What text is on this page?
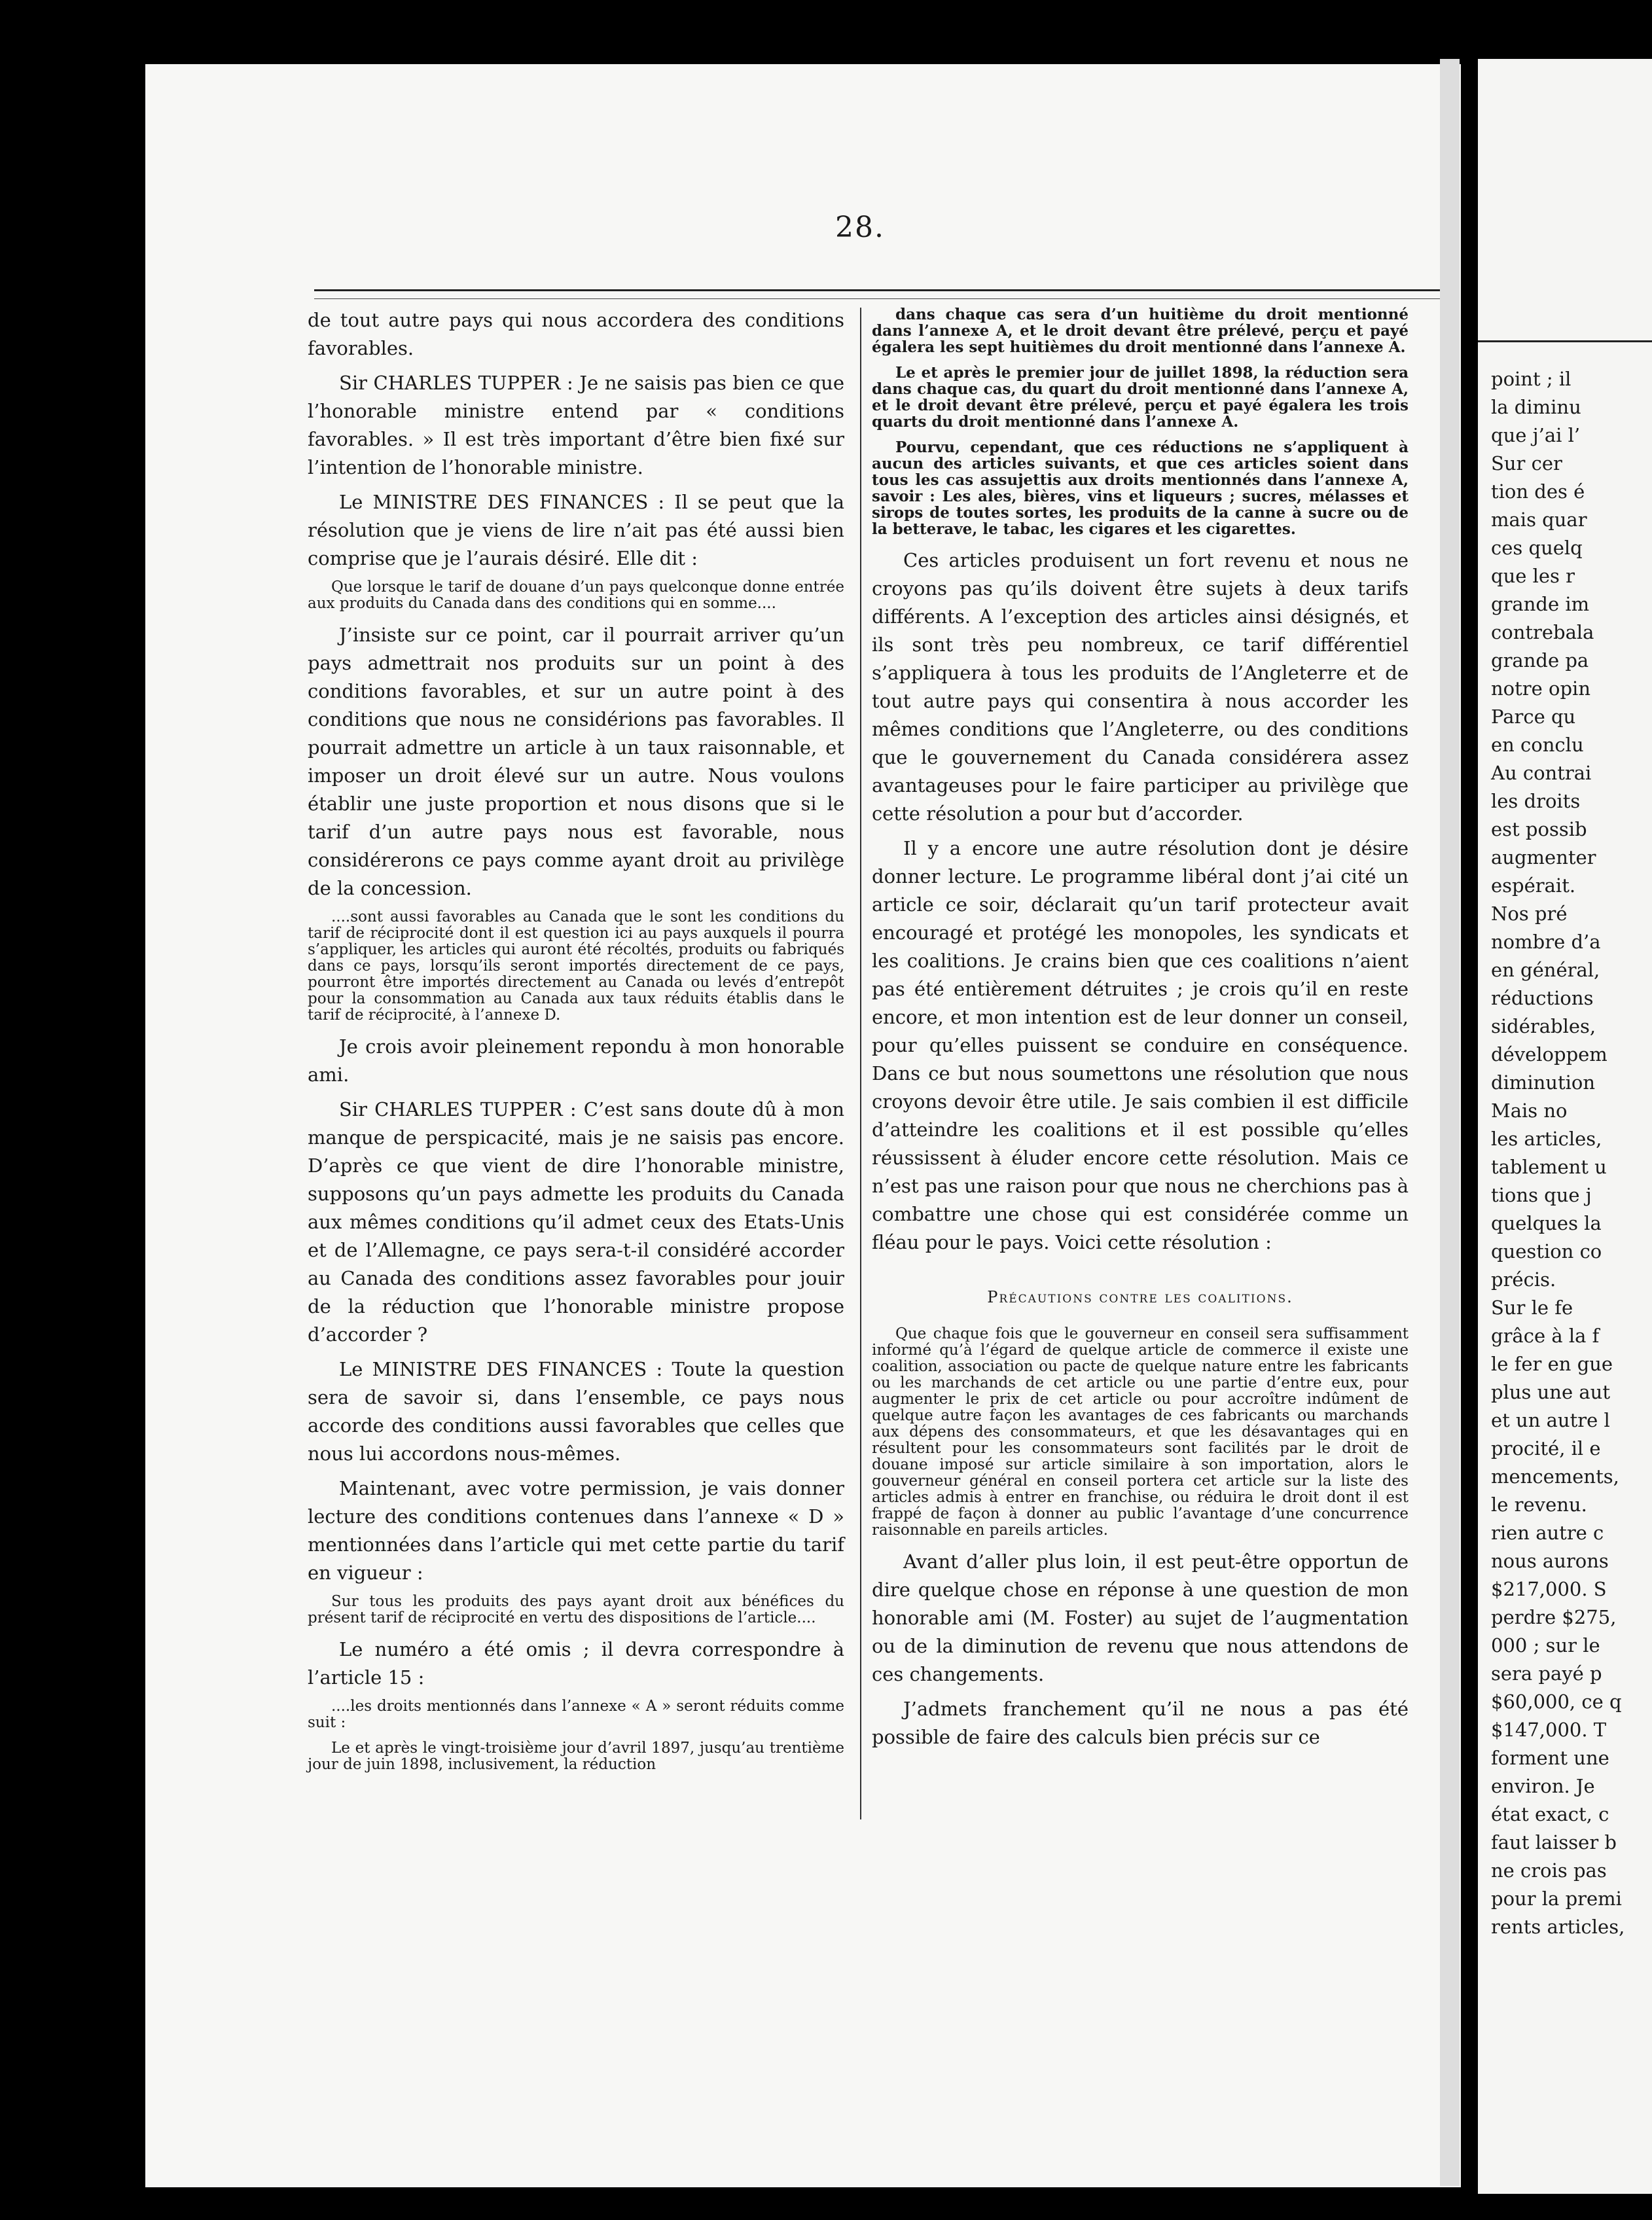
28.

de tout autre pays qui nous accordera des conditions favorables.

Sir CHARLES TUPPER : Je ne saisis pas bien ce que l’honorable ministre entend par « conditions favorables. » Il est très important d’être bien fixé sur l’intention de l’honorable ministre.

Le MINISTRE DES FINANCES : Il se peut que la résolution que je viens de lire n’ait pas été aussi bien comprise que je l’aurais désiré. Elle dit :

Que lorsque le tarif de douane d’un pays quelconque donne entrée aux produits du Canada dans des conditions qui en somme....

J’insiste sur ce point, car il pourrait arriver qu’un pays admettrait nos produits sur un point à des conditions favorables, et sur un autre point à des conditions que nous ne considérions pas favorables. Il pourrait admettre un article à un taux raisonnable, et imposer un droit élevé sur un autre. Nous voulons établir une juste proportion et nous disons que si le tarif d’un autre pays nous est favorable, nous considérerons ce pays comme ayant droit au privilège de la concession.

....sont aussi favorables au Canada que le sont les conditions du tarif de réciprocité dont il est question ici au pays auxquels il pourra s’appliquer, les articles qui auront été récoltés, produits ou fabriqués dans ce pays, lorsqu’ils seront importés directement de ce pays, pourront être importés directement au Canada ou levés d’entrepôt pour la consommation au Canada aux taux réduits établis dans le tarif de réciprocité, à l’annexe D.

Je crois avoir pleinement repondu à mon honorable ami.

Sir CHARLES TUPPER : C’est sans doute dû à mon manque de perspicacité, mais je ne saisis pas encore. D’après ce que vient de dire l’honorable ministre, supposons qu’un pays admette les produits du Canada aux mêmes conditions qu’il admet ceux des Etats-Unis et de l’Allemagne, ce pays sera-t-il considéré accorder au Canada des conditions assez favorables pour jouir de la réduction que l’honorable ministre propose d’accorder ?

Le MINISTRE DES FINANCES : Toute la question sera de savoir si, dans l’ensemble, ce pays nous accorde des conditions aussi favorables que celles que nous lui accordons nous-mêmes.

Maintenant, avec votre permission, je vais donner lecture des conditions contenues dans l’annexe « D » mentionnées dans l’article qui met cette partie du tarif en vigueur :

Sur tous les produits des pays ayant droit aux bénéfices du présent tarif de réciprocité en vertu des dispositions de l’article....

Le numéro a été omis ; il devra correspondre à l’article 15 :

....les droits mentionnés dans l’annexe « A » seront réduits comme suit :

Le et après le vingt-troisième jour d’avril 1897, jusqu’au trentième jour de juin 1898, inclusivement, la réduction

dans chaque cas sera d’un huitième du droit mentionné dans l’annexe A, et le droit devant être prélevé, perçu et payé égalera les sept huitièmes du droit mentionné dans l’annexe A.

Le et après le premier jour de juillet 1898, la réduction sera dans chaque cas, du quart du droit mentionné dans l’annexe A, et le droit devant être prélevé, perçu et payé égalera les trois quarts du droit mentionné dans l’annexe A.

Pourvu, cependant, que ces réductions ne s’appliquent à aucun des articles suivants, et que ces articles soient dans tous les cas assujettis aux droits mentionnés dans l’annexe A, savoir : Les ales, bières, vins et liqueurs ; sucres, mélasses et sirops de toutes sortes, les produits de la canne à sucre ou de la betterave, le tabac, les cigares et les cigarettes.

Ces articles produisent un fort revenu et nous ne croyons pas qu’ils doivent être sujets à deux tarifs différents. A l’exception des articles ainsi désignés, et ils sont très peu nombreux, ce tarif différentiel s’appliquera à tous les produits de l’Angleterre et de tout autre pays qui consentira à nous accorder les mêmes conditions que l’Angleterre, ou des conditions que le gouvernement du Canada considérera assez avantageuses pour le faire participer au privilège que cette résolution a pour but d’accorder.

Il y a encore une autre résolution dont je désire donner lecture. Le programme libéral dont j’ai cité un article ce soir, déclarait qu’un tarif protecteur avait encouragé et protégé les monopoles, les syndicats et les coalitions. Je crains bien que ces coalitions n’aient pas été entièrement détruites ; je crois qu’il en reste encore, et mon intention est de leur donner un conseil, pour qu’elles puissent se conduire en conséquence. Dans ce but nous soumettons une résolution que nous croyons devoir être utile. Je sais combien il est difficile d’atteindre les coalitions et il est possible qu’elles réussissent à éluder encore cette résolution. Mais ce n’est pas une raison pour que nous ne cherchions pas à combattre une chose qui est considérée comme un fléau pour le pays. Voici cette résolution :

Précautions contre les coalitions.

Que chaque fois que le gouverneur en conseil sera suffisamment informé qu’à l’égard de quelque article de commerce il existe une coalition, association ou pacte de quelque nature entre les fabricants ou les marchands de cet article ou une partie d’entre eux, pour augmenter le prix de cet article ou pour accroître indûment de quelque autre façon les avantages de ces fabricants ou marchands aux dépens des consommateurs, et que les désavantages qui en résultent pour les consommateurs sont facilités par le droit de douane imposé sur article similaire à son importation, alors le gouverneur général en conseil portera cet article sur la liste des articles admis à entrer en franchise, ou réduira le droit dont il est frappé de façon à donner au public l’avantage d’une concurrence raisonnable en pareils articles.

Avant d’aller plus loin, il est peut-être opportun de dire quelque chose en réponse à une question de mon honorable ami (M. Foster) au sujet de l’augmentation ou de la diminution de revenu que nous attendons de ces changements.

J’admets franchement qu’il ne nous a pas été possible de faire des calculs bien précis sur ce

point ; il
la diminu
que j’ai l’
Sur cer
tion des é
mais quar
ces quelq
que les r
grande im
contrebala
grande pa
notre opin
Parce qu
en conclu
Au contrai
les droits
est possib
augmenter
espérait.
Nos pré
nombre d’a
en général,
réductions
sidérables,
développem
diminution
Mais no
les articles,
tablement u
tions que j
quelques la
question co
précis.
Sur le fe
grâce à la f
le fer en gue
plus une aut
et un autre l
procité, il e
mencements,
le revenu.
rien autre c
nous aurons
$217,000. S
perdre $275,
000 ; sur le
sera payé p
$60,000, ce q
$147,000. T
forment une
environ. Je
état exact, c
faut laisser b
ne crois pas
pour la premi
rents articles,
